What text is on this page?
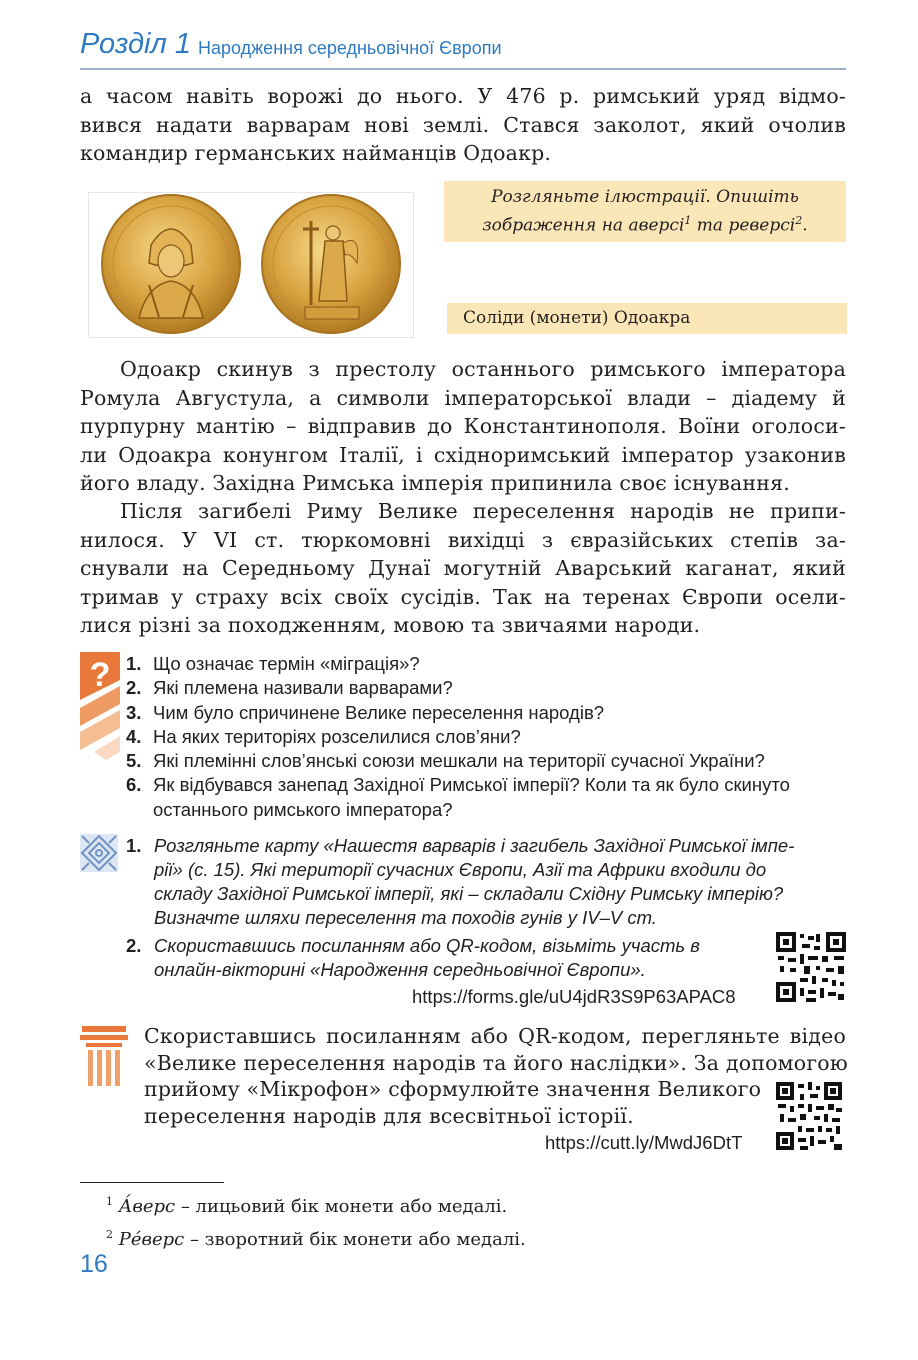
Розділ 1 Народження середньовічної Європи
а часом навіть ворожі до нього. У 476 р. римський уряд відмо-
вився надати варварам нові землі. Стався заколот, який очолив
командир германських найманців Одоакр.
Розгляньте ілюстрації. Опишіть
зображення на аверсі$^1$ та реверсі$^2$.
Соліди (монети) Одоакра
Одоакр скинув з престолу останнього римського імператора
Ромула Августула, а символи імператорської влади – діадему й
пурпурну мантію – відправив до Константинополя. Воїни оголоси-
ли Одоакра конунгом Італії, і східноримський імператор узаконив
його владу. Західна Римська імперія припинила своє існування.
Після загибелі Риму Велике переселення народів не припи-
нилося. У VI ст. тюркомовні вихідці з євразійських степів за-
снували на Середньому Дунаї могутній Аварський каганат, який
тримав у страху всіх своїх сусідів. Так на теренах Європи осели-
лися різні за походженням, мовою та звичаями народи.
? 1. Що означає термін «міграція»?
2. Які племена називали варварами?
3. Чим було спричинене Велике переселення народів?
4. На яких територіях розселилися слов’яни?
5. Які племінні слов’янські союзи мешкали на території сучасної України?
6. Як відбувався занепад Західної Римської імперії? Коли та як було скинуто
останнього римського імператора?
1. Розгляньте карту «Нашестя варварів і загибель Західної Римської імпе-
рії» (с. 15). Які території сучасних Європи, Азії та Африки входили до
складу Західної Римської імперії, які – складали Східну Римську імперію?
Визначте шляхи переселення та походів гунів у IV–V ст.
2. Скориставшись посиланням або QR-кодом, візьміть участь в
онлайн-вікторині «Народження середньовічної Європи».
https://forms.gle/uU4jdR3S9P63APAC8
Скориставшись посиланням або QR-кодом, перегляньте відео
«Велике переселення народів та його наслідки». За допомогою
прийому «Мікрофон» сформулюйте значення Великого
переселення народів для всесвітньої історії.
https://cutt.ly/MwdJ6DtT
$^1$ А́верс – лицьовий бік монети або медалі.
$^2$ Ре́верс – зворотний бік монети або медалі.
16
